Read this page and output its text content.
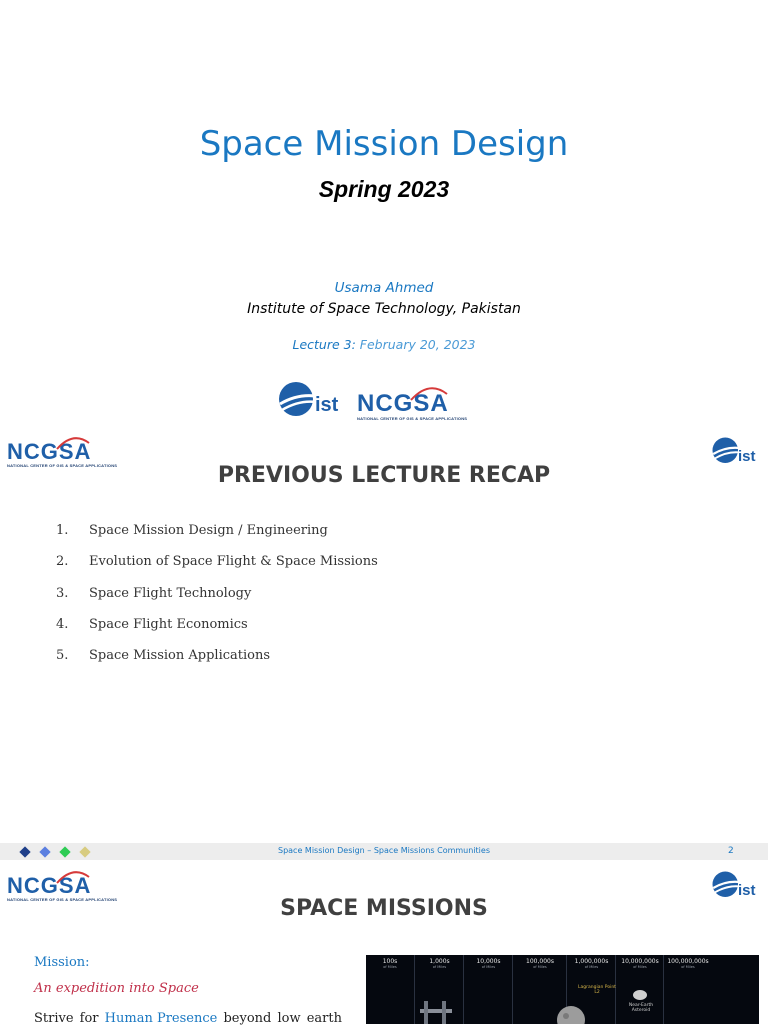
Space Mission Design
Spring 2023
Usama Ahmed
Institute of Space Technology, Pakistan
Lecture 3: February 20, 2023
ist NCGSA
NATIONAL CENTER OF GIS & SPACE APPLICATIONS
NCGSA
NATIONAL CENTER OF GIS & SPACE APPLICATIONS
ist
PREVIOUS LECTURE RECAP
1.	Space Mission Design / Engineering
2.	Evolution of Space Flight & Space Missions
3.	Space Flight Technology
4.	Space Flight Economics
5.	Space Mission Applications
Space Mission Design – Space Missions Communities	2
NCGSA
NATIONAL CENTER OF GIS & SPACE APPLICATIONS
ist
SPACE MISSIONS
Mission:
An expedition into Space
Strive for Human Presence beyond low earth
100s
of Miles
1,000s
of Miles
10,000s
of Miles
100,000s
of Miles
1,000,000s
of Miles
10,000,000s
of Miles
100,000,000s
of Miles
Lagrangian Point L2
Near-Earth Asteroid
